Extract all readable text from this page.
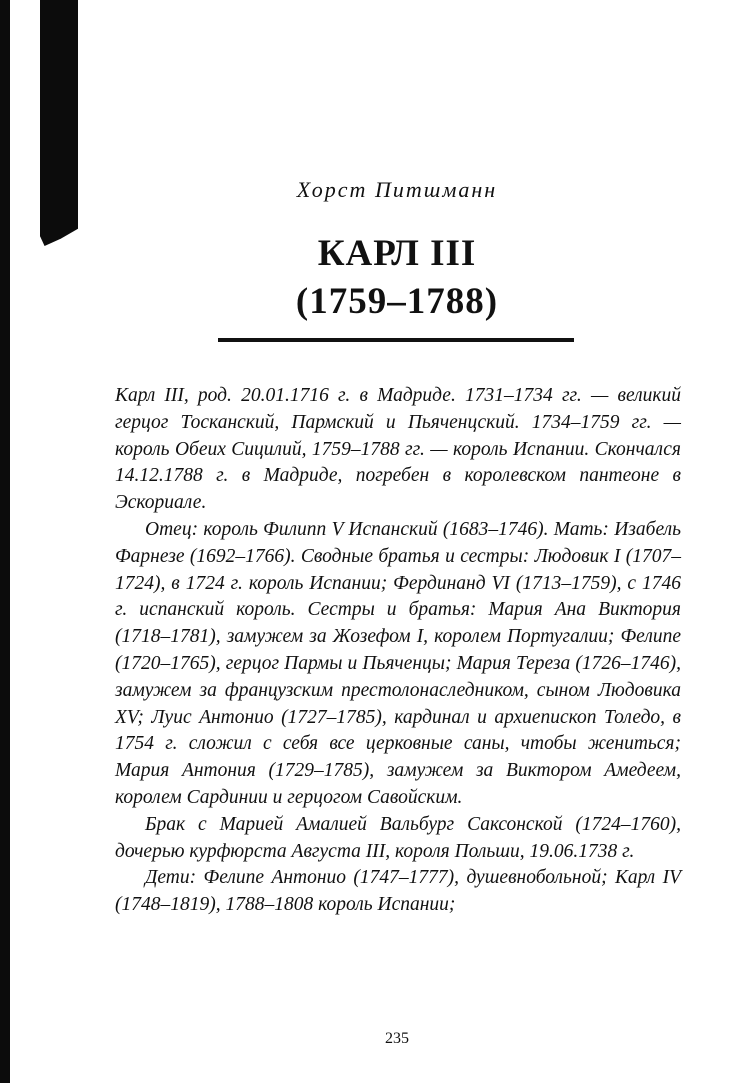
Хорст Питшманн
КАРЛ III
(1759–1788)

Карл III, род. 20.01.1716 г. в Мадриде. 1731–1734 гг. — великий герцог Тосканский, Пармский и Пьяченцский. 1734–1759 гг. — король Обеих Сицилий, 1759–1788 гг. — король Испании. Скончался 14.12.1788 г. в Мадриде, погребен в королевском пантеоне в Эскориале.

Отец: король Филипп V Испанский (1683–1746). Мать: Изабель Фарнезе (1692–1766). Сводные братья и сестры: Людовик I (1707–1724), в 1724 г. король Испании; Фердинанд VI (1713–1759), с 1746 г. испанский король. Сестры и братья: Мария Ана Виктория (1718–1781), замужем за Жозефом I, королем Португалии; Фелипе (1720–1765), герцог Пармы и Пьяченцы; Мария Тереза (1726–1746), замужем за французским престолонаследником, сыном Людовика XV; Луис Антонио (1727–1785), кардинал и архиепископ Толедо, в 1754 г. сложил с себя все церковные саны, чтобы жениться; Мария Антония (1729–1785), замужем за Виктором Амедеем, королем Сардинии и герцогом Савойским.

Брак с Марией Амалией Вальбург Саксонской (1724–1760), дочерью курфюрста Августа III, короля Польши, 19.06.1738 г.

Дети: Фелипе Антонио (1747–1777), душевнобольной; Карл IV (1748–1819), 1788–1808 король Испании;

235
